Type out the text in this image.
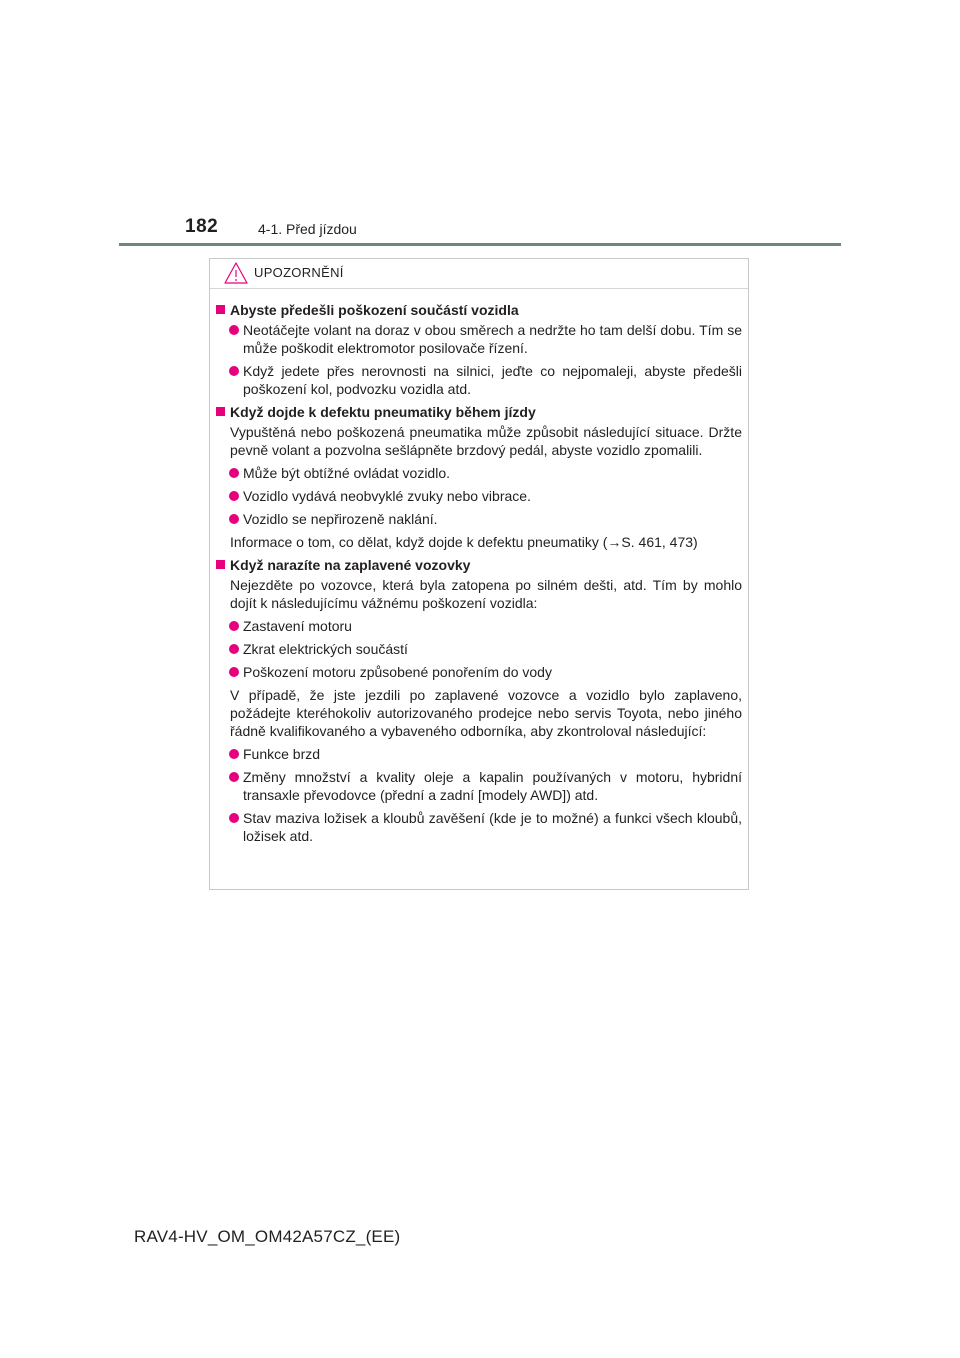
182	4-1. Před jízdou
UPOZORNĚNÍ
Abyste předešli poškození součástí vozidla
Neotáčejte volant na doraz v obou směrech a nedržte ho tam delší dobu. Tím se může poškodit elektromotor posilovače řízení.
Když jedete přes nerovnosti na silnici, jeďte co nejpomaleji, abyste předešli poškození kol, podvozku vozidla atd.
Když dojde k defektu pneumatiky během jízdy
Vypuštěná nebo poškozená pneumatika může způsobit následující situace. Držte pevně volant a pozvolna sešlápněte brzdový pedál, abyste vozidlo zpomalili.
Může být obtížné ovládat vozidlo.
Vozidlo vydává neobvyklé zvuky nebo vibrace.
Vozidlo se nepřirozeně naklání.
Informace o tom, co dělat, když dojde k defektu pneumatiky (→S. 461, 473)
Když narazíte na zaplavené vozovky
Nejezděte po vozovce, která byla zatopena po silném dešti, atd. Tím by mohlo dojít k následujícímu vážnému poškození vozidla:
Zastavení motoru
Zkrat elektrických součástí
Poškození motoru způsobené ponořením do vody
V případě, že jste jezdili po zaplavené vozovce a vozidlo bylo zaplaveno, požádejte kteréhokoliv autorizovaného prodejce nebo servis Toyota, nebo jiného řádně kvalifikovaného a vybaveného odborníka, aby zkontroloval následující:
Funkce brzd
Změny množství a kvality oleje a kapalin používaných v motoru, hybridní transaxle převodovce (přední a zadní [modely AWD]) atd.
Stav maziva ložisek a kloubů zavěšení (kde je to možné) a funkci všech kloubů, ložisek atd.
RAV4-HV_OM_OM42A57CZ_(EE)
